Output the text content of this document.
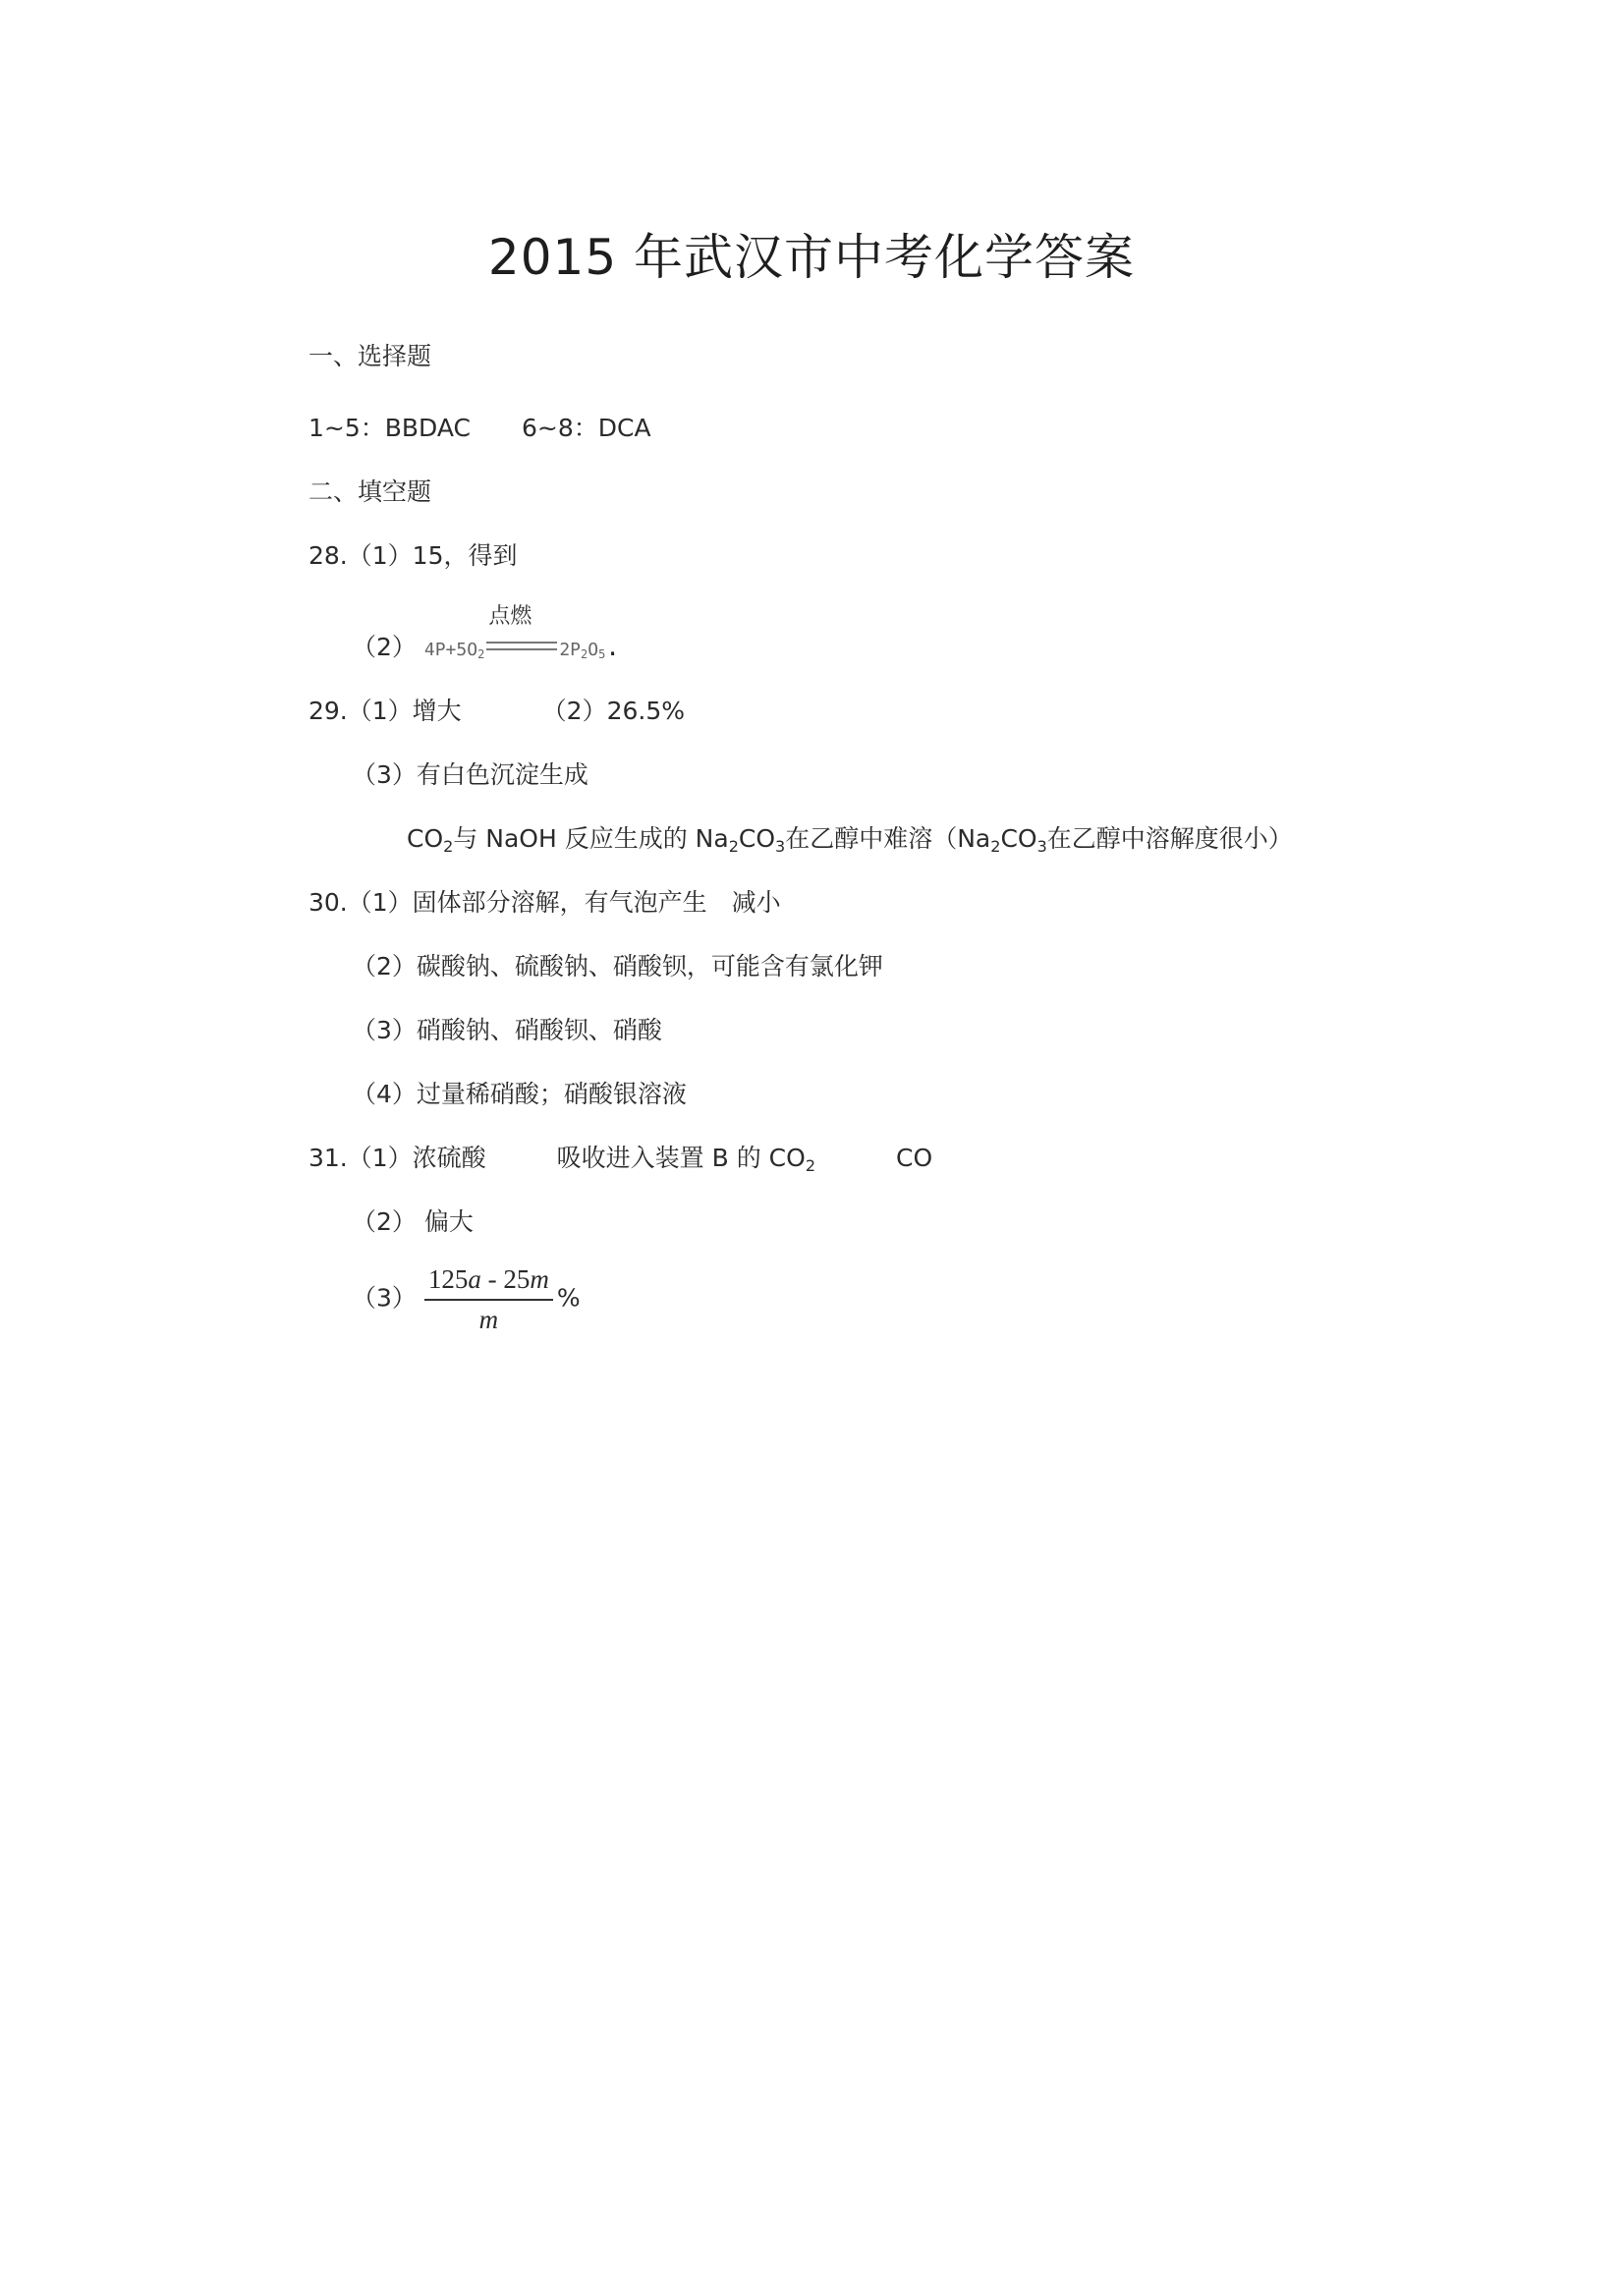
2015 年武汉市中考化学答案
一、选择题
1~5：BBDAC 6~8：DCA
二、填空题
28.（1）15，得到
（2） $4P+5O_2$
点燃
$2P_2O_5$.
29.（1）增大	（2）26.5%
（3）有白色沉淀生成
$CO_2$与 NaOH 反应生成的 $Na_2CO_3$在乙醇中难溶（$Na_2CO_3$在乙醇中溶解度很小）
30.（1）固体部分溶解，有气泡产生　减小
（2）碳酸钠、硫酸钠、硝酸钡，可能含有氯化钾
（3）硝酸钠、硝酸钡、硝酸
（4）过量稀硝酸；硝酸银溶液
31.（1）浓硫酸	吸收进入装置 B 的 $CO_2$	CO
（2） 偏大
$(3) \frac{125a - 25m}{m}$ %
